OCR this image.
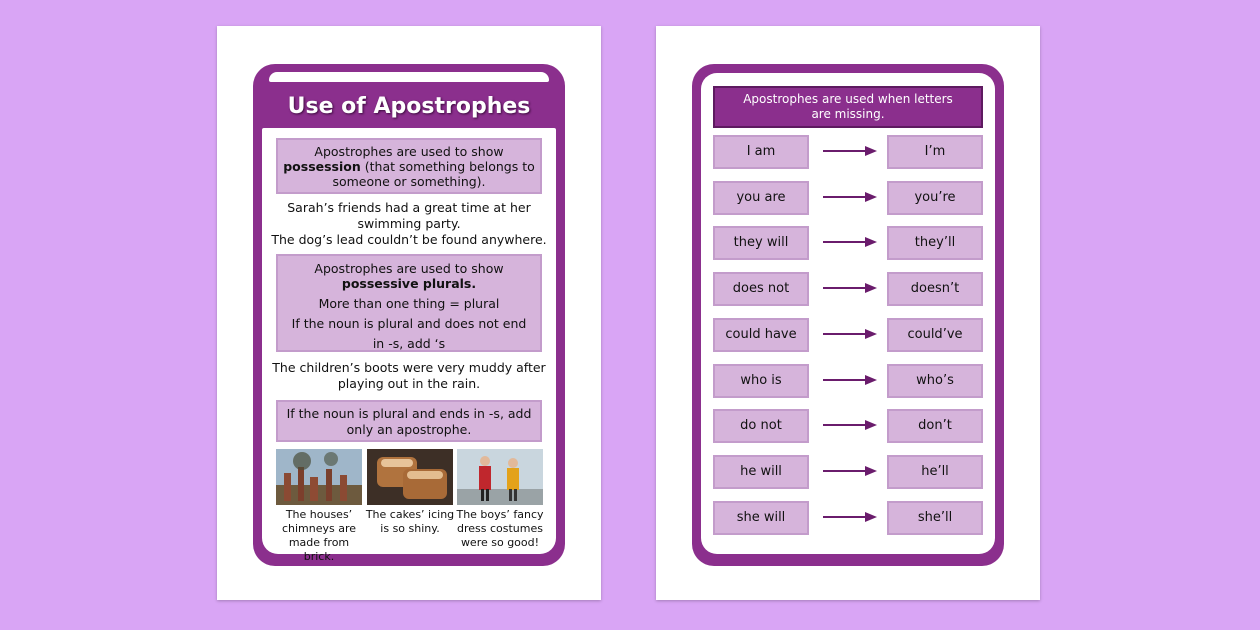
Use of Apostrophes
Apostrophes are used to show
possession (that something belongs to
someone or something).
Sarah’s friends had a great time at her
swimming party.
The dog’s lead couldn’t be found anywhere.
Apostrophes are used to show
possessive plurals.
More than one thing = plural
If the noun is plural and does not end
in -s, add ‘s
The children’s boots were very muddy after
playing out in the rain.
If the noun is plural and ends in -s, add
only an apostrophe.
The houses’
chimneys are
made from brick.
The cakes’ icing
is so shiny.
The boys’ fancy
dress costumes
were so good!
Apostrophes are used when letters
are missing.
I am	I’m
you are	you’re
they will	they’ll
does not	doesn’t
could have	could’ve
who is	who’s
do not	don’t
he will	he’ll
she will	she’ll
